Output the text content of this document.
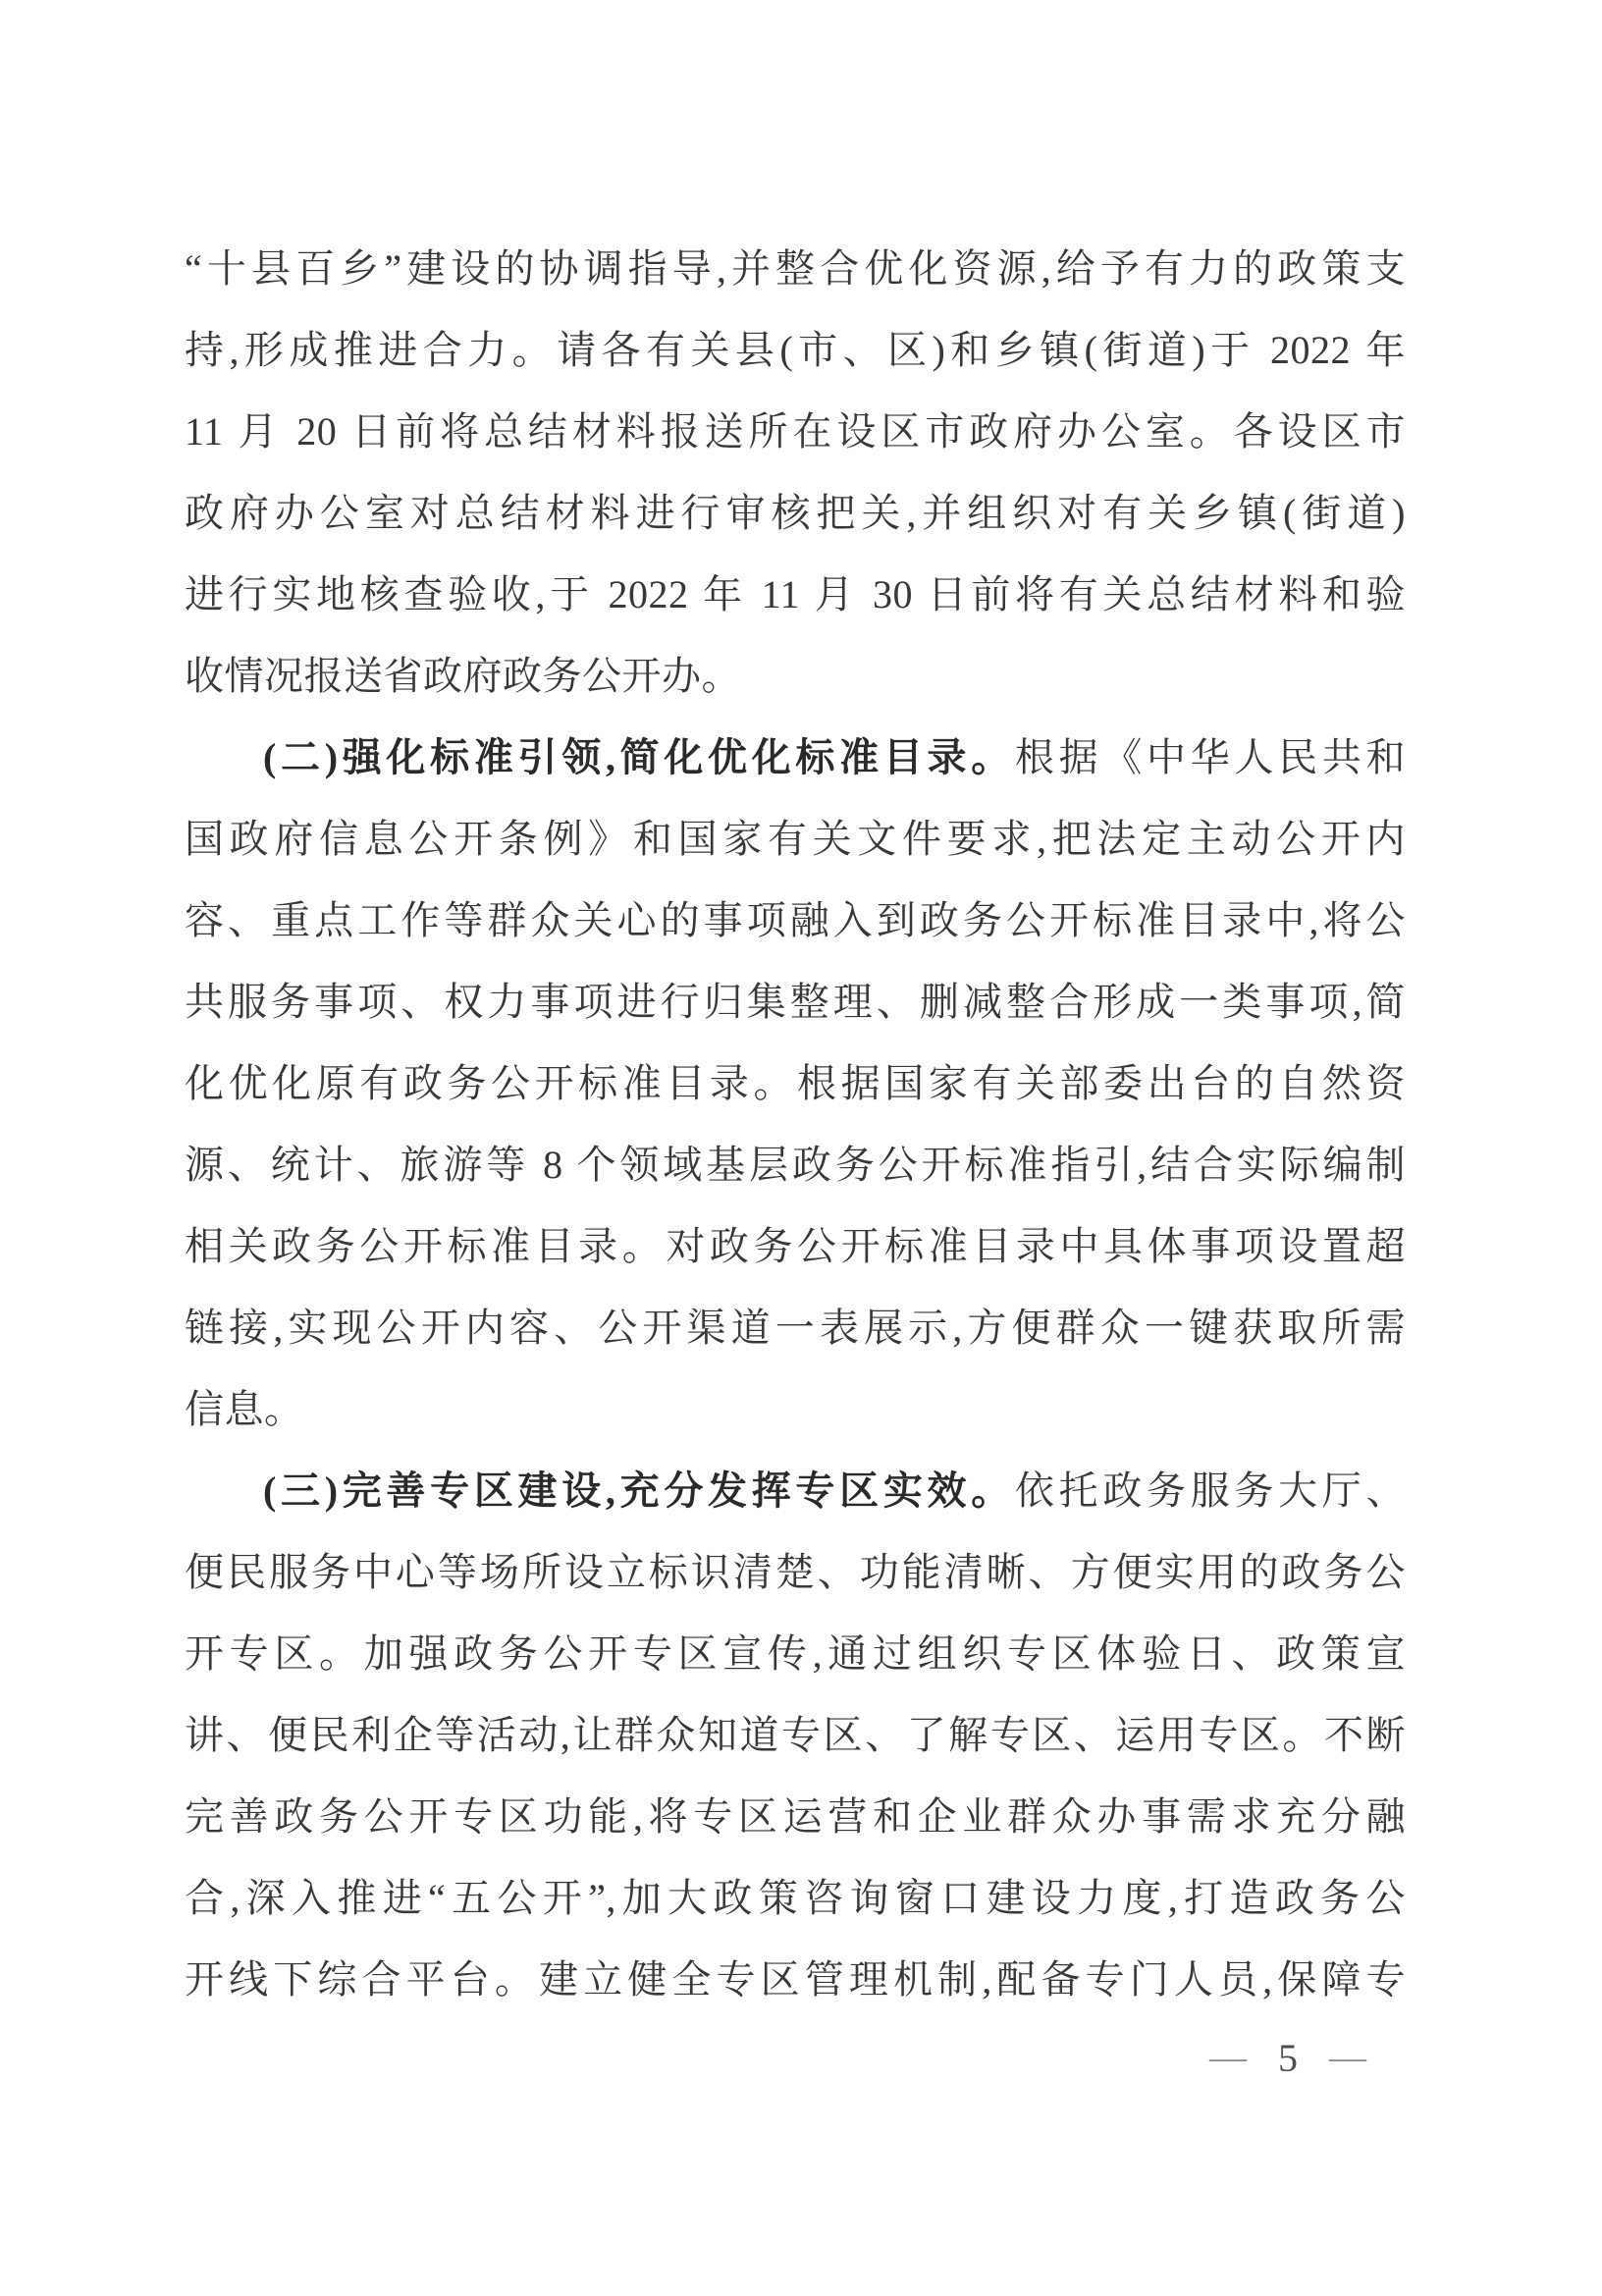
“十县百乡”建设的协调指导,并整合优化资源,给予有力的政策支
持,形成推进合力。请各有关县(市、区)和乡镇(街道)于 2022 年
11 月 20 日前将总结材料报送所在设区市政府办公室。各设区市
政府办公室对总结材料进行审核把关,并组织对有关乡镇(街道)
进行实地核查验收,于 2022 年 11 月 30 日前将有关总结材料和验
收情况报送省政府政务公开办。
(二)强化标准引领,简化优化标准目录。根据《中华人民共和
国政府信息公开条例》和国家有关文件要求,把法定主动公开内
容、重点工作等群众关心的事项融入到政务公开标准目录中,将公
共服务事项、权力事项进行归集整理、删减整合形成一类事项,简
化优化原有政务公开标准目录。根据国家有关部委出台的自然资
源、统计、旅游等 8 个领域基层政务公开标准指引,结合实际编制
相关政务公开标准目录。对政务公开标准目录中具体事项设置超
链接,实现公开内容、公开渠道一表展示,方便群众一键获取所需
信息。
(三)完善专区建设,充分发挥专区实效。依托政务服务大厅、
便民服务中心等场所设立标识清楚、功能清晰、方便实用的政务公
开专区。加强政务公开专区宣传,通过组织专区体验日、政策宣
讲、便民利企等活动,让群众知道专区、了解专区、运用专区。不断
完善政务公开专区功能,将专区运营和企业群众办事需求充分融
合,深入推进“五公开”,加大政策咨询窗口建设力度,打造政务公
开线下综合平台。建立健全专区管理机制,配备专门人员,保障专
— 5 —
